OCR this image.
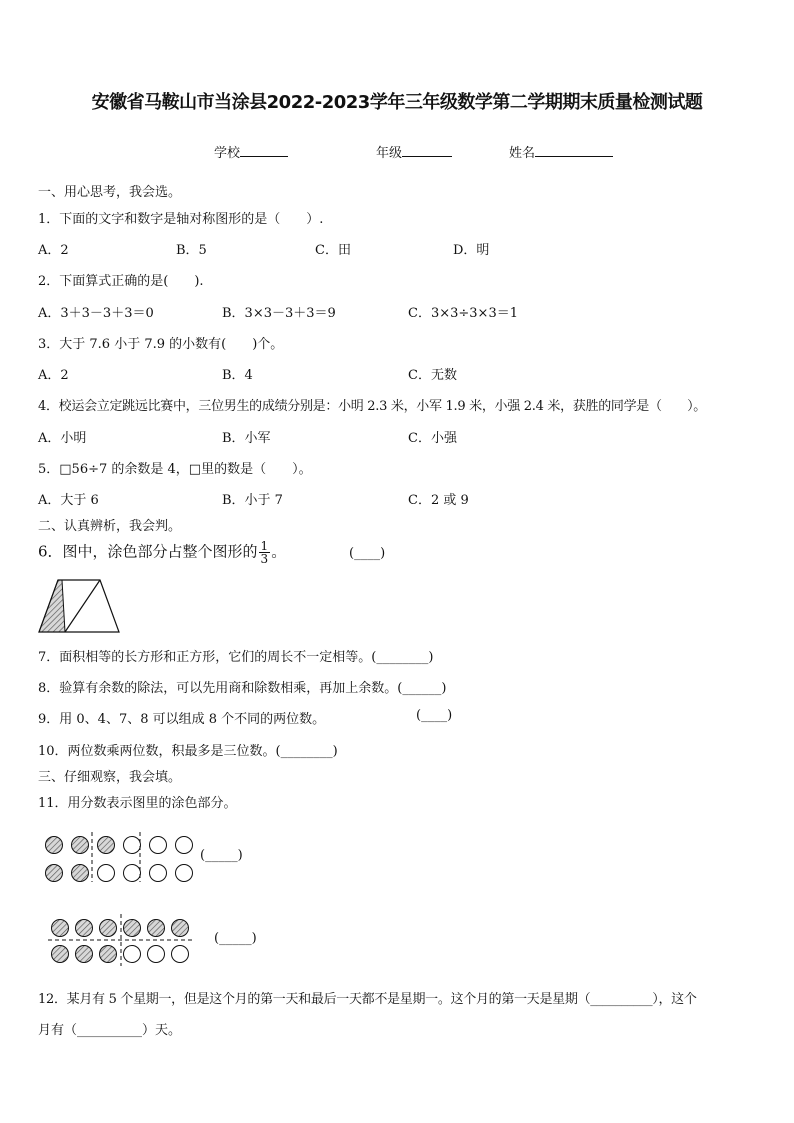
安徽省马鞍山市当涂县2022-2023学年三年级数学第二学期期末质量检测试题
学校	年级	姓名
一、用心思考，我会选。
1．下面的文字和数字是轴对称图形的是（　　）.
A．2	B．5	C．田	D．明
2．下面算式正确的是(　　).
A．3＋3－3＋3＝0	B．3×3－3＋3＝9	C．3×3÷3×3＝1
3．大于 7.6 小于 7.9 的小数有(　　)个。
A．2	B．4	C．无数
4．校运会立定跳远比赛中，三位男生的成绩分别是：小明 2.3 米，小军 1.9 米，小强 2.4 米，获胜的同学是（　　）。
A．小明	B．小军	C．小强
5．□56÷7 的余数是 4，□里的数是（　　）。
A．大于 6	B．小于 7	C．2 或 9
二、认真辨析，我会判。
6．图中，涂色部分占整个图形的 $\frac{1}{3}$ 。	(____)
7．面积相等的长方形和正方形，它们的周长不一定相等。(________)
8．验算有余数的除法，可以先用商和除数相乘，再加上余数。(______)
9．用 0、4、7、8 可以组成 8 个不同的两位数。	(____)
10．两位数乘两位数，积最多是三位数。(________)
三、仔细观察，我会填。
11．用分数表示图里的涂色部分。
(_____)
(_____)
12．某月有 5 个星期一，但是这个月的第一天和最后一天都不是星期一。这个月的第一天是星期（__________），这个
月有（__________）天。
